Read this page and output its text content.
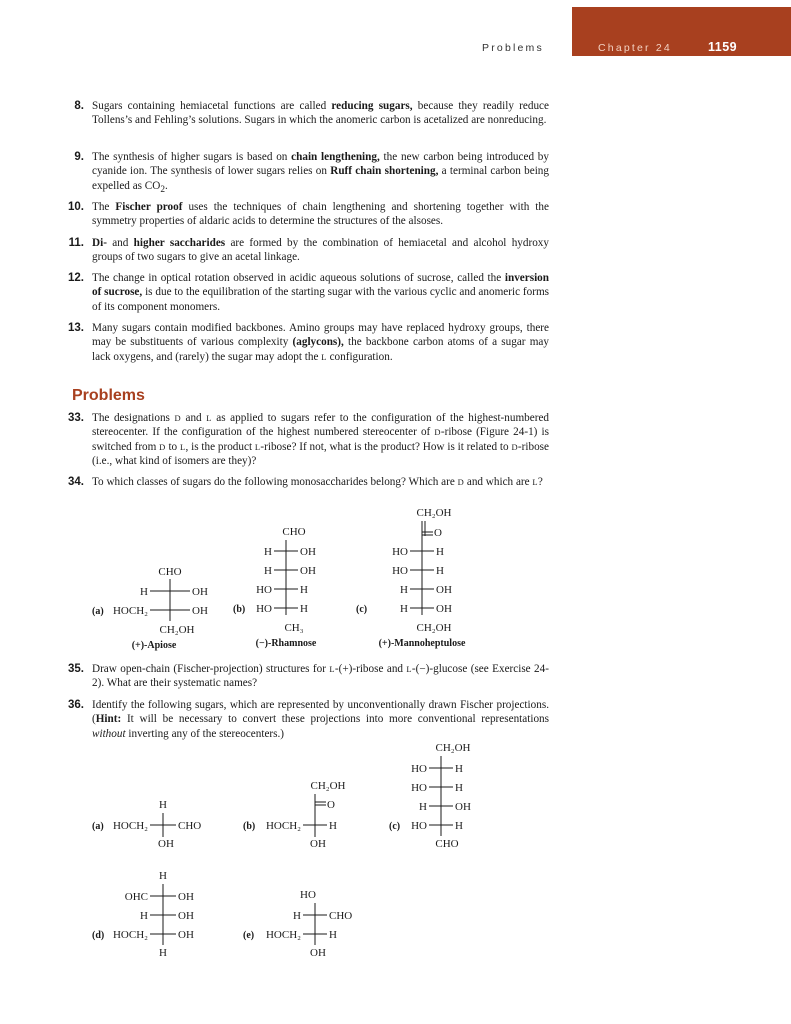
Problems	Chapter 24	1159
8. Sugars containing hemiacetal functions are called reducing sugars, because they readily reduce Tollens’s and Fehling’s solutions. Sugars in which the anomeric carbon is acetalized are nonreducing.

9. The synthesis of higher sugars is based on chain lengthening, the new carbon being introduced by cyanide ion. The synthesis of lower sugars relies on Ruff chain shortening, a terminal carbon being expelled as $CO_2$.

10. The Fischer proof uses the techniques of chain lengthening and shortening together with the symmetry properties of aldaric acids to determine the structures of the alsoses.

11. Di- and higher saccharides are formed by the combination of hemiacetal and alcohol hydroxy groups of two sugars to give an acetal linkage.

12. The change in optical rotation observed in acidic aqueous solutions of sucrose, called the inversion of sucrose, is due to the equilibration of the starting sugar with the various cyclic and anomeric forms of its component monomers.

13. Many sugars contain modified backbones. Amino groups may have replaced hydroxy groups, there may be substituents of various complexity (aglycons), the backbone carbon atoms of a sugar may lack oxygens, and (rarely) the sugar may adopt the L configuration.

Problems
33. The designations D and L as applied to sugars refer to the configuration of the highest-numbered stereocenter. If the configuration of the highest numbered stereocenter of D-ribose (Figure 24-1) is switched from D to L, is the product L-ribose? If not, what is the product? How is it related to D-ribose (i.e., what kind of isomers are they)?

34. To which classes of sugars do the following monosaccharides belong? Which are D and which are L?

35. Draw open-chain (Fischer-projection) structures for L-(+)-ribose and L-(−)-glucose (see Exercise 24-2). What are their systematic names?

36. Identify the following sugars, which are represented by unconventionally drawn Fischer projections. (Hint: It will be necessary to convert these projections into more conventional representations without inverting any of the stereocenters.)

CHO
H	OH
(a) HOCH₂	OH
CH₂OH
(+)-Apiose
CHO
H	OH
H	OH
HO	H
(b) HO	H
CH₃
(−)-Rhamnose
CH₂OH
O
HO	H
HO	H
H	OH
(c)	H	OH
CH₂OH
(+)-Mannoheptulose
H
(a) HOCH₂	CHO
OH
CH₂OH
O
(b) HOCH₂	H
OH
CH₂OH
HO	H
HO	H
H	OH
(c) HO	H
CHO
H
OHC	OH
H	OH
(d) HOCH₂	OH
H
HO
H	CHO
(e) HOCH₂	H
OH
